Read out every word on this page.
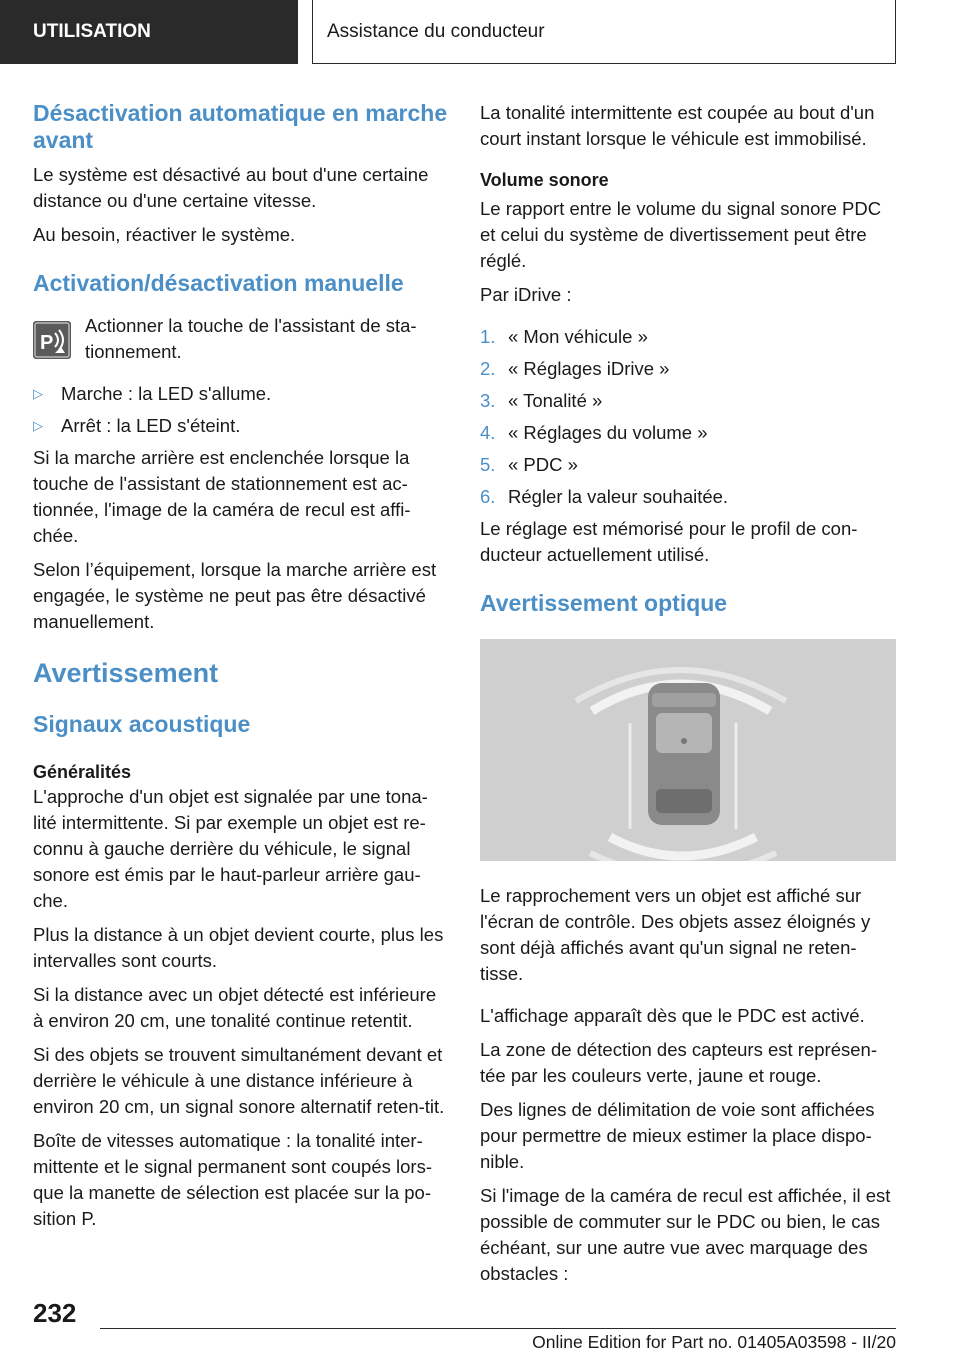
UTILISATION	Assistance du conducteur
Désactivation automatique en marche avant

Le système est désactivé au bout d'une certaine distance ou d'une certaine vitesse.

Au besoin, réactiver le système.

Activation/désactivation manuelle
P

Actionner la touche de l'assistant de sta-tionnement.

▷ Marche : la LED s'allume.
▷ Arrêt : la LED s'éteint.

Si la marche arrière est enclenchée lorsque la touche de l'assistant de stationnement est ac-tionnée, l'image de la caméra de recul est affi-chée.

Selon l’équipement, lorsque la marche arrière est engagée, le système ne peut pas être désactivé manuellement.

Avertissement
Signaux acoustique
Généralités

L'approche d'un objet est signalée par une tona-lité intermittente. Si par exemple un objet est re-connu à gauche derrière du véhicule, le signal sonore est émis par le haut-parleur arrière gau-che.

Plus la distance à un objet devient courte, plus les intervalles sont courts.

Si la distance avec un objet détecté est inférieure à environ 20 cm, une tonalité continue retentit.

Si des objets se trouvent simultanément devant et derrière le véhicule à une distance inférieure à environ 20 cm, un signal sonore alternatif reten-tit.

Boîte de vitesses automatique : la tonalité inter-mittente et le signal permanent sont coupés lors-que la manette de sélection est placée sur la po-sition P.

La tonalité intermittente est coupée au bout d'un court instant lorsque le véhicule est immobilisé.

Volume sonore

Le rapport entre le volume du signal sonore PDC et celui du système de divertissement peut être réglé.

Par iDrive :

1. « Mon véhicule »
2. « Réglages iDrive »
3. « Tonalité »
4. « Réglages du volume »
5. « PDC »
6. Régler la valeur souhaitée.

Le réglage est mémorisé pour le profil de con-ducteur actuellement utilisé.

Avertissement optique

Le rapprochement vers un objet est affiché sur l'écran de contrôle. Des objets assez éloignés y sont déjà affichés avant qu'un signal ne reten-tisse.

L'affichage apparaît dès que le PDC est activé.

La zone de détection des capteurs est représen-tée par les couleurs verte, jaune et rouge.

Des lignes de délimitation de voie sont affichées pour permettre de mieux estimer la place dispo-nible.

Si l'image de la caméra de recul est affichée, il est possible de commuter sur le PDC ou bien, le cas échéant, sur une autre vue avec marquage des obstacles :

232
Online Edition for Part no. 01405A03598 - II/20
